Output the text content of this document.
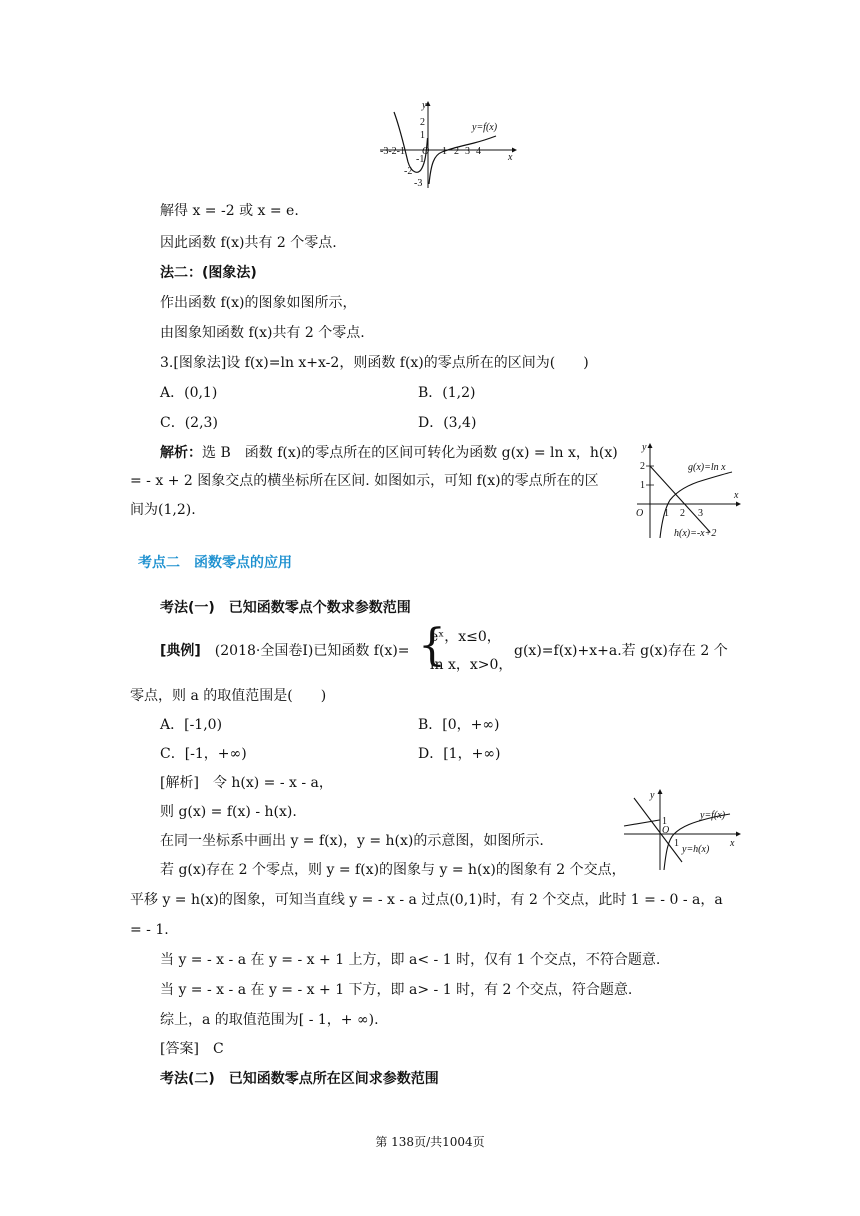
y
x
y=f(x)
2
1
-1
-2
-3
-3-2-1 O 1 2 3 4
解得 x = -2 或 x = e.
因此函数 f(x)共有 2 个零点.
法二：(图象法)
作出函数 f(x)的图象如图所示，
由图象知函数 f(x)共有 2 个零点.
3.[图象法]设 f(x)=ln x+x-2，则函数 f(x)的零点所在的区间为(　　)
A．(0,1)	B．(1,2)
C．(2,3)	D．(3,4)
解析：选 B　函数 f(x)的零点所在的区间可转化为函数 g(x) = ln x，h(x)
= - x + 2 图象交点的横坐标所在区间. 如图如示，可知 f(x)的零点所在的区
间为(1,2).
y
x
g(x)=ln x
h(x)=-x+2
2
1
O 1 2 3
考点二　函数零点的应用
考法(一)　已知函数零点个数求参数范围
[典例]　 (2018·全国卷Ⅰ)已知函数 f(x)= {
eˣ，x≤0，
ln x，x>0，
g(x)=f(x)+x+a.若 g(x)存在 2 个
零点，则 a 的取值范围是(　　)
A．[-1,0)	B．[0，+∞)
C．[-1，+∞)	D．[1，+∞)
[解析]　 令 h(x) = - x - a，
则 g(x) = f(x) - h(x).
在同一坐标系中画出 y = f(x)，y = h(x)的示意图，如图所示.
若 g(x)存在 2 个零点，则 y = f(x)的图象与 y = h(x)的图象有 2 个交点，
平移 y = h(x)的图象，可知当直线 y = - x - a 过点(0,1)时，有 2 个交点，此时 1 = - 0 - a，a
= - 1.
当 y = - x - a 在 y = - x + 1 上方，即 a< - 1 时，仅有 1 个交点，不符合题意.
当 y = - x - a 在 y = - x + 1 下方，即 a> - 1 时，有 2 个交点，符合题意.
综上，a 的取值范围为[ - 1，+ ∞).
[答案]　 C
考法(二)　已知函数零点所在区间求参数范围
y
x
y=f(x)
y=h(x)
1
O
1
第 138页/共1004页
